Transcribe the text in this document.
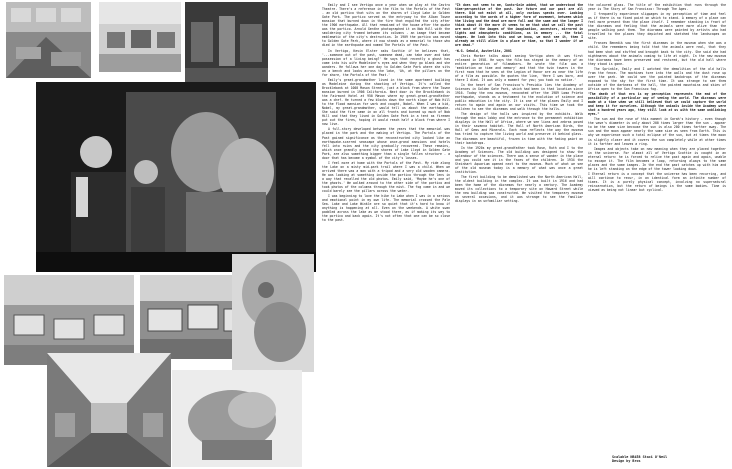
Emily and I see Vertigo once a year when we play at the Castro Theatre. There's a reference in the film to the Portals of the Past - an old portico that sits on the shores of Lloyd Lake in Golden Gate Park. The portico served as the entryway to the Alban Towne mansion that burned down in the fire that engulfed the city after the 1906 earthquake. All that remained of the house after the quake was the portico. Arnold Genthe photographed it on Nob Hill with the smoldering city framed between its columns - an image that became emblematic of the city's destruction. In 1909 the portico was moved to Golden Gate Park, where it now stands as a memorial to those who died in the earthquake and named The Portals of the Past.

In Vertigo, Kevin Elster asks Scottie if he believes that, '...someone out of the past, someone dead, can take over and take possession of a living being?' He says that recently a ghost has come into his wife Madeleine's eyes and when they go blank and she wanders. He follows her one day to Golden Gate Park where she sits on a bench and looks across the lake, 'Ah, at the pillars on the far shore, the Portals of the Past.'

Emily's great-grandmother lived in the same apartment building as Madeleine during the shooting of Vertigo. It's called the Brocklebank at 1000 Mason Street, just a block from where the Towne mansion burned in 1906 California. Next door is the Brocklebank is the Fairmont Hotel at 950 Mason where my great-great-grandfather was a chef. He turned a few blocks down the north slope of Nob Hill to the Flood mansion for work and caught, Nobel. When I was a kid, Nobel, my great-grandmother, would tell us about the earthquake. She said the fire came in on all fronts and burned up much of Nob Hill and that they lived in Golden Gate Park in a tent as firemen put out the fires, hoping it would reach half a block from where I now live.

A full-story developed between the years that the memorial was placed in the park and the making of Vertigo. The Portals of the Past gained significance as the reconstructed city looked like an earthquake-scarred seascape whose once-grand mansions and hotels fell into ruins and the city gradually recovered. These remains, which once grandly graced the shores of Lake Lloyd in Golden Gate Park, are also something bigger than a single fallen structure - a door that has become a symbol of the city's losses.

I feel more at home with the Portals of the Past. My ride along the Lake on a misty mid-park trail where I was a child. When we arrived there was a man with a tripod and a very old wooden camera. He was looking at something inside the portico through the lens in a way that recalled the old photos. Emily said, 'Maybe he's one of the ghosts.' We walked around to the other side of the portico and took photos of the columns through the mist. The fog came in and we could barely see the pillars across the water.

I was beginning to love the hike to Lake when I was in a serious and emotional point in my own life. The memorial crossed the Pale Sea. Lake and Lake Winkle are so quiet that it's hard to know if anything is happening at all. Even on the weekends. A white swan paddled across the lake as we stood there, as if making its way to the portico and back again. It's not often that one can be so close to the past.

"It does not seem to me, Santo-Ozie added, that we understood the time-perspective of the past. Our future and our past are all there. Did not exist at all, only various specks over. Looking according to the words of a higher form of movement, between which the living and the dead are more full and the same and the longer I think about it the more it seems to me that what we call the past are most of the images of the imagination, ancestors, mirrored in lights and atmospheric conditions, as in memory ... the fatal shapes. We look into this and we know, we must see it, then I already am still alive in a place or time, so that I wonder if we are dead."

-W.G. Sebald, Austerlitz, 2001

Chris Marker talks about seeing Vertigo when it was first released in 1958. He says the film has stayed in the memory of an entire generation of filmmakers. He wrote the film was a 'meditation on time and memory' and that the twin towers in the first room that he sees at the Legion of Honor are as near the life of a film as possible. He quotes the line, 'Here I was born, and there I died. It was only a moment for you; you took no notice.'

In the heart of San Francisco's Presidio lies the Academy of Sciences in Golden Gate Park, which had been in that location since 1916. Today the new museum, renovated after the 1989 Loma Prieta earthquake, stands as a testament to the evolution of science and public education in the city. It is one of the places Emily and I return to again and again on our visits. This time we took the children to see the dioramas and walk through the halls.

The design of the halls was inspired by the exhibits. Walk through the main lobby and the entrance to the permanent exhibition displays in the Hall of Africa, where we see lions and zebras posed in their savanna habitat. The Hall of North American Birds, the Hall of Gems and Minerals. Each room reflects the way the museum has tried to capture the living world and preserve it behind glass. The dioramas are beautiful, frozen in time with the fading paint on their backdrops.

In the 1920s my great-grandfather took Rose, Ruth and I to the Academy of Sciences. The old building was designed to show the splendour of the sciences. There was a sense of wonder in the place and you could see it in the faces of the children. In 1934 the Steinhart Aquarium opened next to the museum. Much of what we see of the old museum today is a memory of what was once a great institution.

The first building to be demolished was the North American Hall, the oldest building in the complex. It was built in 1916 and had been the home of the dioramas for nearly a century. The Academy moved its collections to a temporary site on Howard Street while the new building was constructed. We visited the temporary museum on several occasions, and it was strange to see the familiar displays in an unfamiliar setting.

the coloured glass. The title of the exhibition that runs through the year is The Story of San Francisco: Through The Ages.

I frequently experience slippages in my perception of time and feel as if there is no fixed point on which to stand. A memory of a place can feel more present than the place itself. I remember standing in front of the dioramas and feeling that the animals were more alive than the people walking past them. The dioramas were painted by artists who had travelled to the places they depicted and sketched the landscapes on site.

Frances Benedik saw the first dioramas in the museum when she was a child. She remembers being told that the animals were real, that they had been shot and stuffed and brought back to the city. She said she had nightmares about the animals coming to life at night. In the new museum the dioramas have been preserved and restored, but the old hall where they stood is gone.

The Sprinkle, Emily and I watched the demolition of the old halls from the fence. The machines tore into the walls and the dust rose up over the park. We could see the painted backdrops of the dioramas exposed to the sky for the first time. It was strange to see them outside of the darkness of the hall, the painted mountains and skies of Africa open to the San Francisco fog.

"The death of that era is my perception represents the end of the possibility of a particular way of seeing the world. The dioramas were made at a time when we still believed that we could capture the world and keep it for ourselves. Although the animals inside the Academy were shot a hundred years ago, they still look at us with the same unblinking eyes."

The sun and the rose of this moment in Sarah's history - even though the wave's diameter is only about 200 times larger than the sun - appear to be the same size because the sun is also 200 times farther away. The sun and the moon appear nearly the same size as seen from Earth. This is why we experience such a total eclipse of the sun, but at times the moon is slightly closer and it covers the sun completely while at other times it is farther and leaves a ring.

Images and objects take on new meaning when they are placed together in the universe. For almost all of Vertigo Scottie is caught in an eternal return: he is forced to relive the past again and again, unable to escape it. The film becomes a loop, returning always to the same places and the same images. In the end the past catches up with him and he is left standing on the edge of the tower looking down.

I Eternal return is a concept that the universe has been recurring, and will continue to recur, in an identical form an infinite number of times. It is a purely physical concept, involving no supernatural reincarnation, but the return of beings in the same bodies. Time is viewed as being not linear but cyclical.

Scalable NB458 Staci O'Neil
Design by Bros
